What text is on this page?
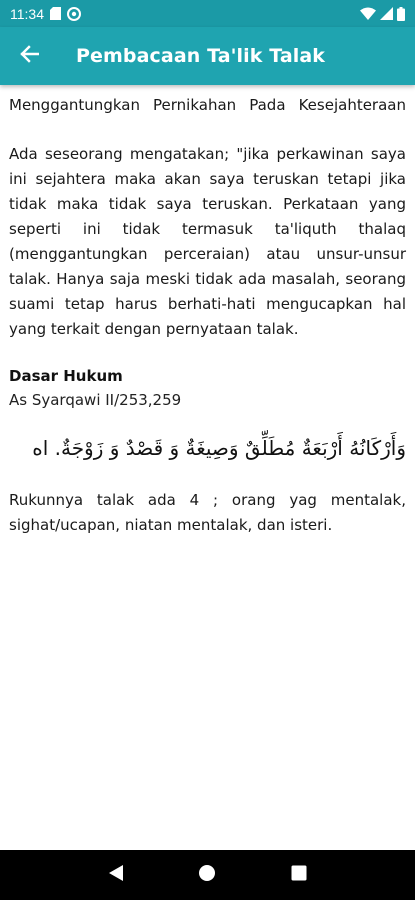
11:34
Pembacaan Ta'lik Talak

Menggantungkan Pernikahan Pada Kesejahteraan

Ada seseorang mengatakan; "jika perkawinan saya ini sejahtera maka akan saya teruskan tetapi jika tidak maka tidak saya teruskan. Perkataan yang seperti ini tidak termasuk ta'liquth thalaq (menggantungkan perceraian) atau unsur-unsur talak. Hanya saja meski tidak ada masalah, seorang suami tetap harus berhati-hati mengucapkan hal yang terkait dengan pernyataan talak.

Dasar Hukum
As Syarqawi II/253,259
وَأَرْكَانُهُ أَرْبَعَةٌ مُطَلِّقٌ وَصِيغَةٌ وَ قَصْدٌ وَ زَوْجَةٌ. اه

Rukunnya talak ada 4 ; orang yag mentalak, sighat/ucapan, niatan mentalak, dan isteri.
